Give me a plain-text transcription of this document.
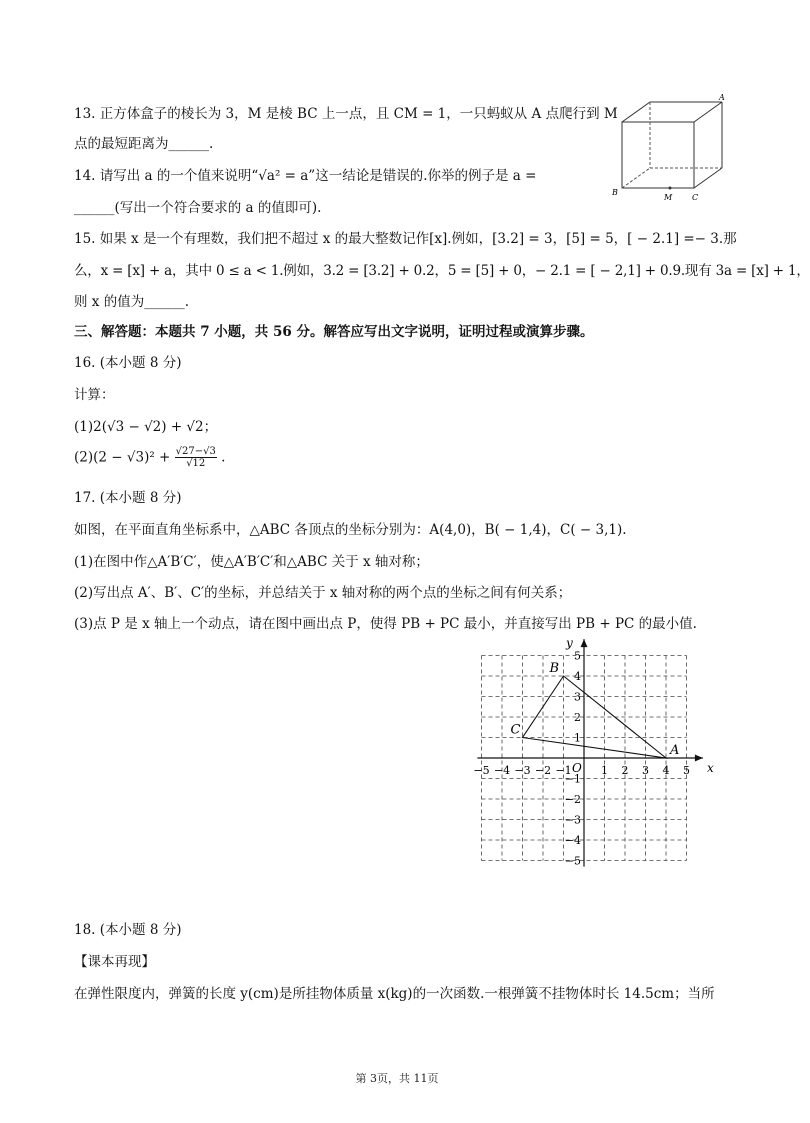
13. 正方体盒子的棱长为 3，M 是棱 BC 上一点，且 CM = 1，一只蚂蚁从 A 点爬行到 M
点的最短距离为______.
A
B
M C
14. 请写出 a 的一个值来说明“√a² = a”这一结论是错误的.你举的例子是 a =
______(写出一个符合要求的 a 的值即可).
15. 如果 x 是一个有理数，我们把不超过 x 的最大整数记作[x].例如，[3.2] = 3，[5] = 5，[ − 2.1] =− 3.那
么，x = [x] + a，其中 0 ≤ a < 1.例如，3.2 = [3.2] + 0.2，5 = [5] + 0，− 2.1 = [ − 2,1] + 0.9.现有 3a = [x] + 1，
则 x 的值为______.
三、解答题：本题共 7 小题，共 56 分。解答应写出文字说明，证明过程或演算步骤。
16. (本小题 8 分)
计算：
(1)2(√3 − √2) + √2；
$(2)(2 - √3)^2 + \frac{√27-√3}{√12}$ .
17. (本小题 8 分)
如图，在平面直角坐标系中，△ABC 各顶点的坐标分别为：A(4,0)，B( − 1,4)，C( − 3,1).
(1)在图中作△A′B′C′，使△A′B′C′和△ABC 关于 x 轴对称；
(2)写出点 A′、B′、C′的坐标，并总结关于 x 轴对称的两个点的坐标之间有何关系；
(3)点 P 是 x 轴上一个动点，请在图中画出点 P，使得 PB + PC 最小，并直接写出 PB + PC 的最小值.
x
y
O
−5 −4 −3 −2 −1	1 2 3 4 5
5
4
3
2
1
−1
−2
−3
−4
−5
A
B
C
18. (本小题 8 分)
【课本再现】
在弹性限度内，弹簧的长度 y(cm)是所挂物体质量 x(kg)的一次函数.一根弹簧不挂物体时长 14.5cm；当所
第 3页，共 11页
